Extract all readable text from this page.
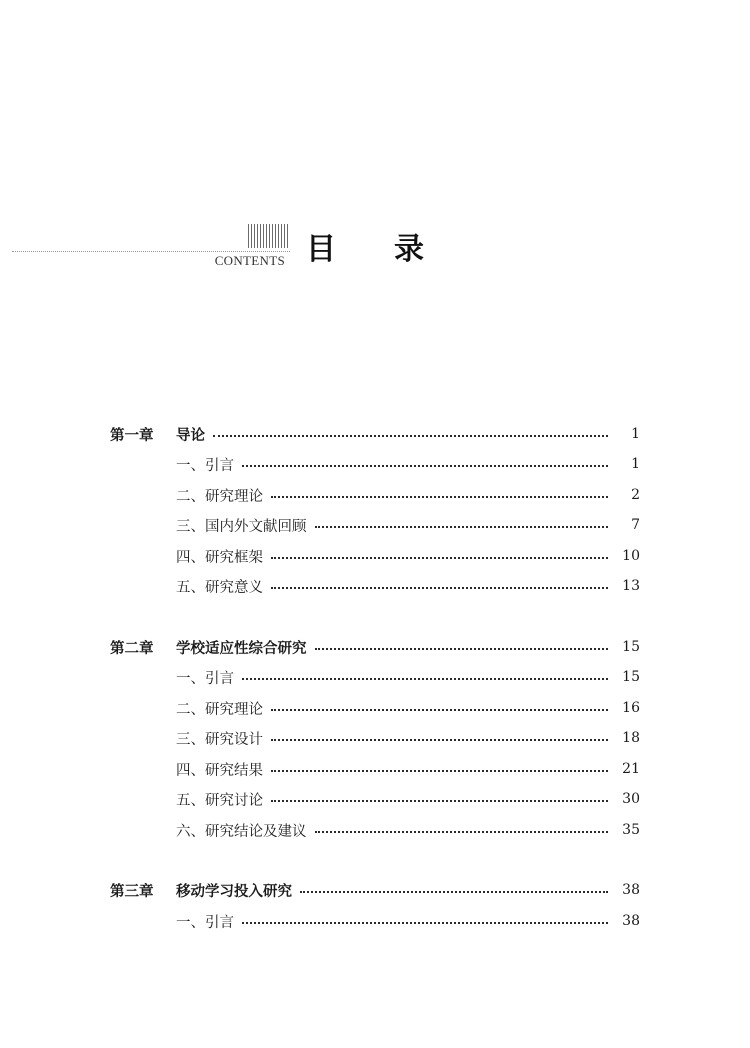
CONTENTS 目 录
第一章	导论	1
一、引言	1
二、研究理论	2
三、国内外文献回顾	7
四、研究框架	10
五、研究意义	13
第二章	学校适应性综合研究	15
一、引言	15
二、研究理论	16
三、研究设计	18
四、研究结果	21
五、研究讨论	30
六、研究结论及建议	35
第三章	移动学习投入研究	38
一、引言	38
